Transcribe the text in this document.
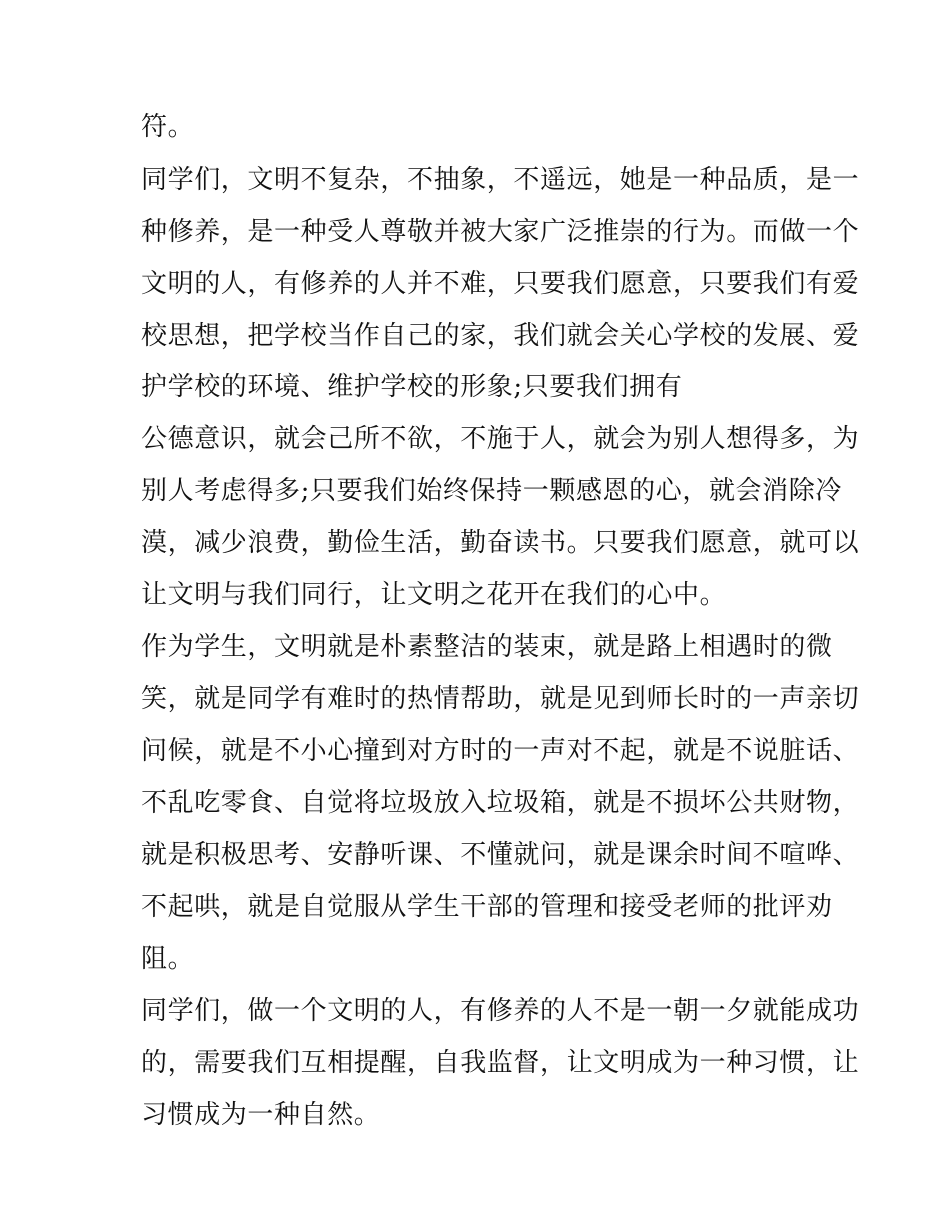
符。
同学们，文明不复杂，不抽象，不遥远，她是一种品质，是一
种修养，是一种受人尊敬并被大家广泛推崇的行为。而做一个
文明的人，有修养的人并不难，只要我们愿意，只要我们有爱
校思想，把学校当作自己的家，我们就会关心学校的发展、爱
护学校的环境、维护学校的形象;只要我们拥有
公德意识，就会己所不欲，不施于人，就会为别人想得多，为
别人考虑得多;只要我们始终保持一颗感恩的心，就会消除冷
漠，减少浪费，勤俭生活，勤奋读书。只要我们愿意，就可以
让文明与我们同行，让文明之花开在我们的心中。
作为学生，文明就是朴素整洁的装束，就是路上相遇时的微
笑，就是同学有难时的热情帮助，就是见到师长时的一声亲切
问候，就是不小心撞到对方时的一声对不起，就是不说脏话、
不乱吃零食、自觉将垃圾放入垃圾箱，就是不损坏公共财物，
就是积极思考、安静听课、不懂就问，就是课余时间不喧哗、
不起哄，就是自觉服从学生干部的管理和接受老师的批评劝
阻。
同学们，做一个文明的人，有修养的人不是一朝一夕就能成功
的，需要我们互相提醒，自我监督，让文明成为一种习惯，让
习惯成为一种自然。
